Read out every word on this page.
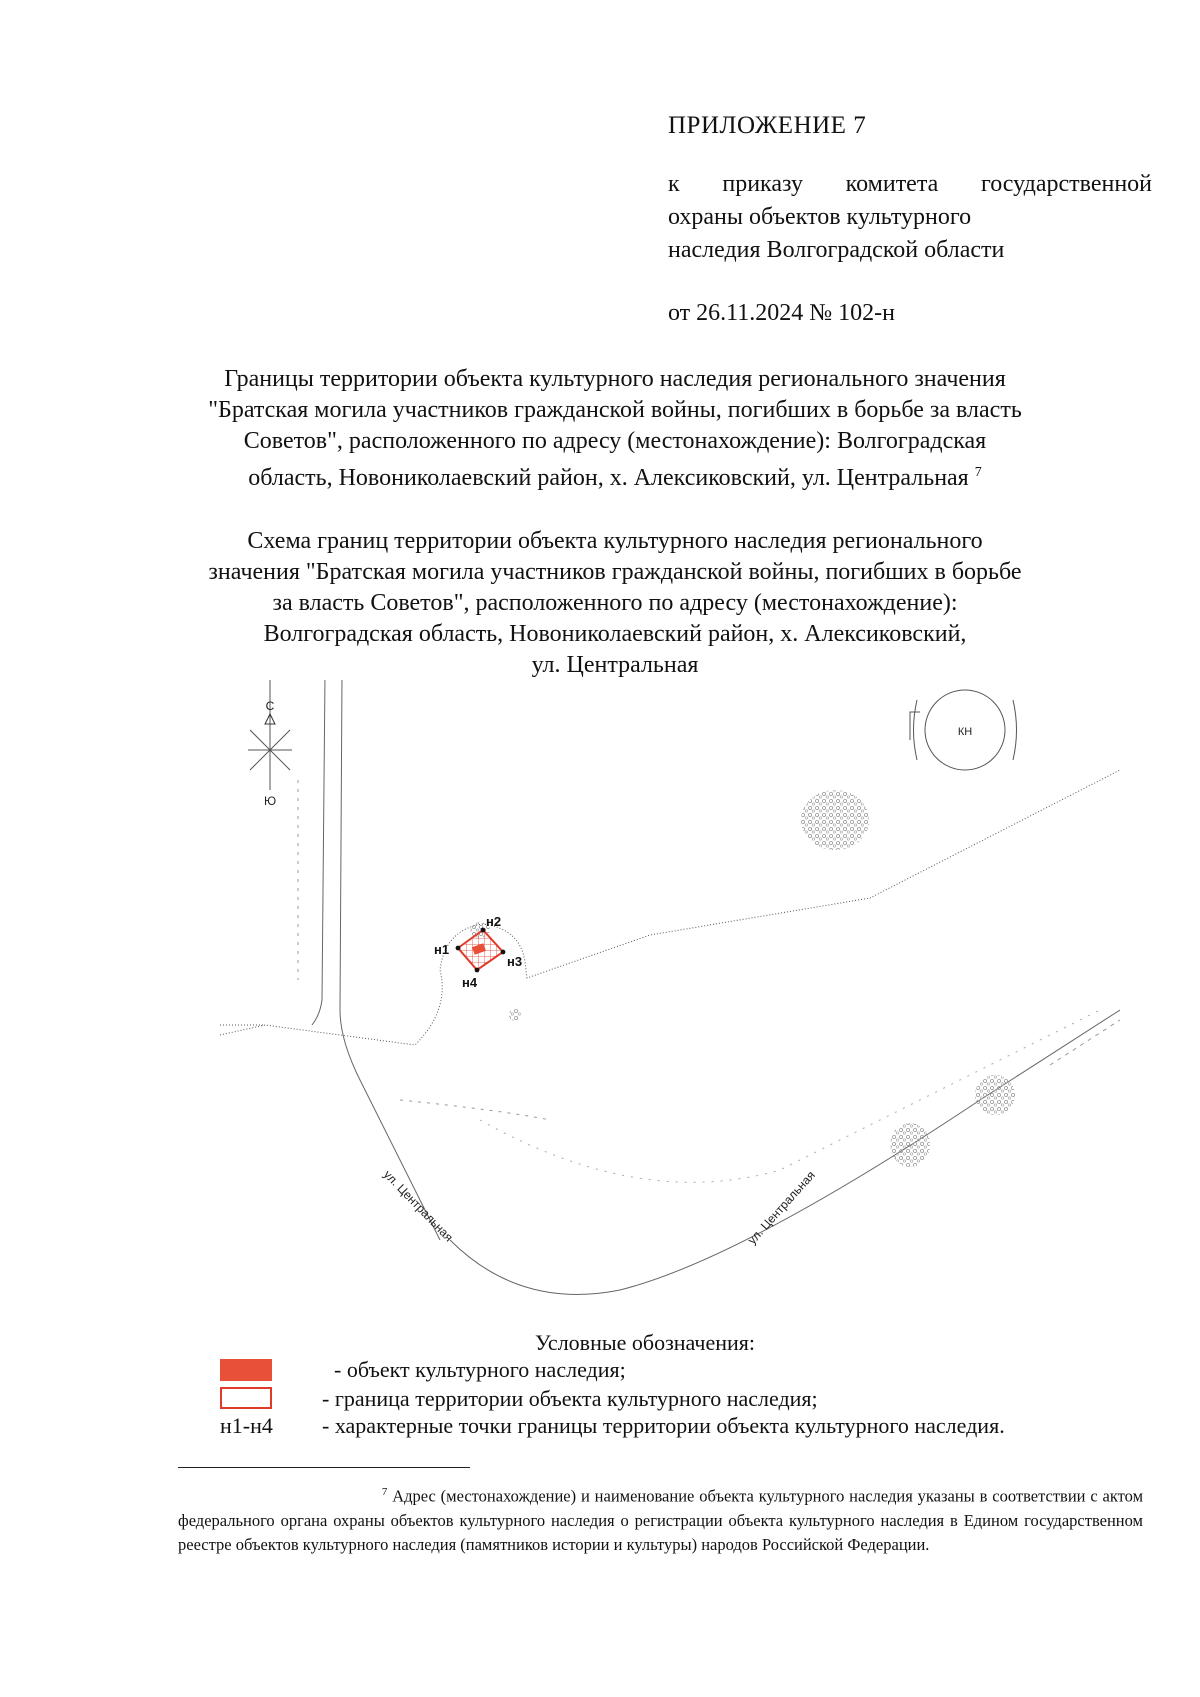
ПРИЛОЖЕНИЕ 7
к приказу комитета государственной
охраны объектов культурного
наследия Волгоградской области
от 26.11.2024 № 102-н
Границы территории объекта культурного наследия регионального значения
"Братская могила участников гражданской войны, погибших в борьбе за власть
Советов", расположенного по адресу (местонахождение): Волгоградская
область, Новониколаевский район, х. Алексиковский, ул. Центральная $^7$
Схема границ территории объекта культурного наследия регионального
значения "Братская могила участников гражданской войны, погибших в борьбе
за власть Советов", расположенного по адресу (местонахождение):
Волгоградская область, Новониколаевский район, х. Алексиковский,
ул. Центральная
С
Ю
КН
н1
н2
н3
н4
ул. Центральная	ул. Центральная
Условные обозначения:
- объект культурного наследия;
- граница территории объекта культурного наследия;
н1-н4	- характерные точки границы территории объекта культурного наследия.
$^7$ Адрес (местонахождение) и наименование объекта культурного наследия указаны в соответствии с актом федерального органа охраны объектов культурного наследия о регистрации объекта культурного наследия в Едином государственном реестре объектов культурного наследия (памятников истории и культуры) народов Российской Федерации.
